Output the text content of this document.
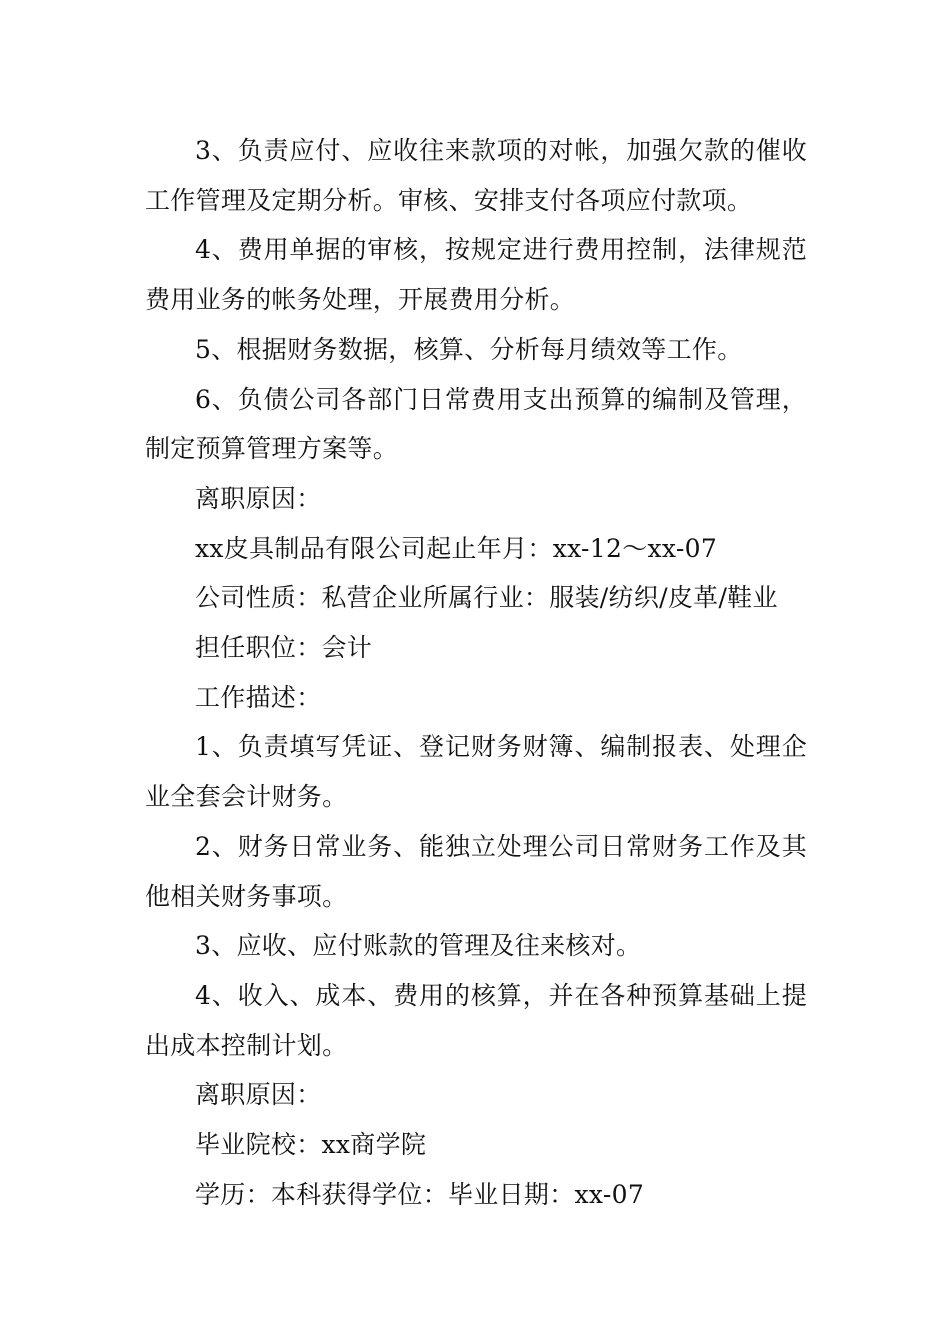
3、负责应付、应收往来款项的对帐，加强欠款的催收工作管理及定期分析。审核、安排支付各项应付款项。

4、费用单据的审核，按规定进行费用控制，法律规范费用业务的帐务处理，开展费用分析。

5、根据财务数据，核算、分析每月绩效等工作。

6、负债公司各部门日常费用支出预算的编制及管理，制定预算管理方案等。

离职原因：

xx皮具制品有限公司起止年月：xx-12～xx-07

公司性质：私营企业所属行业：服装/纺织/皮革/鞋业

担任职位：会计

工作描述：

1、负责填写凭证、登记财务财簿、编制报表、处理企业全套会计财务。

2、财务日常业务、能独立处理公司日常财务工作及其他相关财务事项。

3、应收、应付账款的管理及往来核对。

4、收入、成本、费用的核算，并在各种预算基础上提出成本控制计划。

离职原因：

毕业院校：xx商学院

学历：本科获得学位：毕业日期：xx-07
